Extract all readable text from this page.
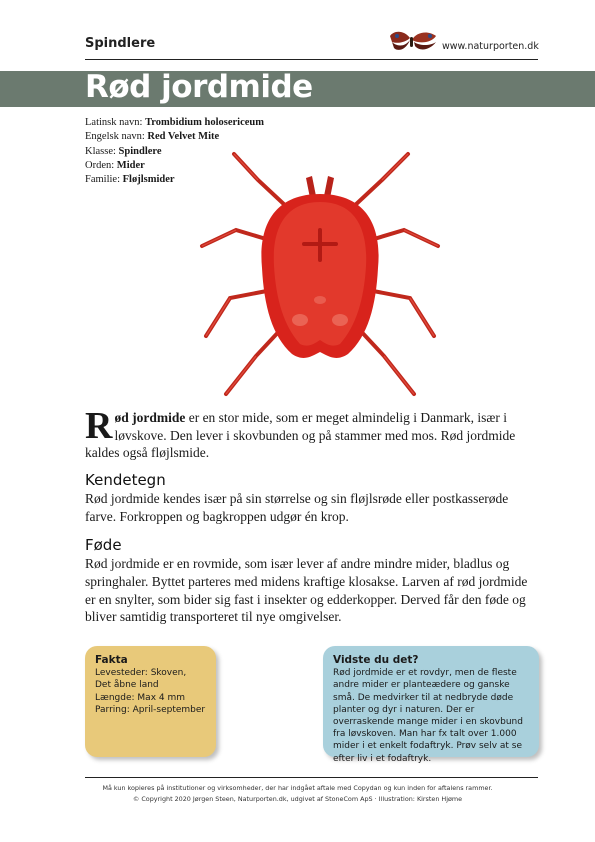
Spindlere	www.naturporten.dk
Rød jordmide
Latinsk navn: Trombidium holosericeum
Engelsk navn: Red Velvet Mite
Klasse: Spindlere
Orden: Mider
Familie: Fløjlsmider
Rød jordmide er en stor mide, som er meget almindelig i Danmark, især i løvskove. Den lever i skovbunden og på stammer med mos. Rød jordmide kaldes også fløjlsmide.
Kendetegn

Rød jordmide kendes især på sin størrelse og sin fløjlsrøde eller postkasserøde farve. Forkroppen og bagkroppen udgør én krop.

Føde

Rød jordmide er en rovmide, som især lever af andre mindre mider, bladlus og springhaler. Byttet parteres med midens kraftige klosakse. Larven af rød jordmide er en snylter, som bider sig fast i insekter og edderkopper. Derved får den føde og bliver samtidig transporteret til nye omgivelser.

Fakta
Levesteder: Skoven,
Det åbne land
Længde: Max 4 mm
Parring: April-september
Vidste du det?
Rød jordmide er et rovdyr, men de fleste andre mider er planteædere og ganske små. De medvirker til at nedbryde døde planter og dyr i naturen. Der er overraskende mange mider i en skovbund fra løvskoven. Man har fx talt over 1.000 mider i et enkelt fodaftryk. Prøv selv at se efter liv i et fodaftryk.
Må kun kopieres på institutioner og virksomheder, der har indgået aftale med Copydan og kun inden for aftalens rammer.
© Copyright 2020 Jørgen Steen, Naturporten.dk, udgivet af StoneCom ApS · Illustration: Kirsten Hjøme
